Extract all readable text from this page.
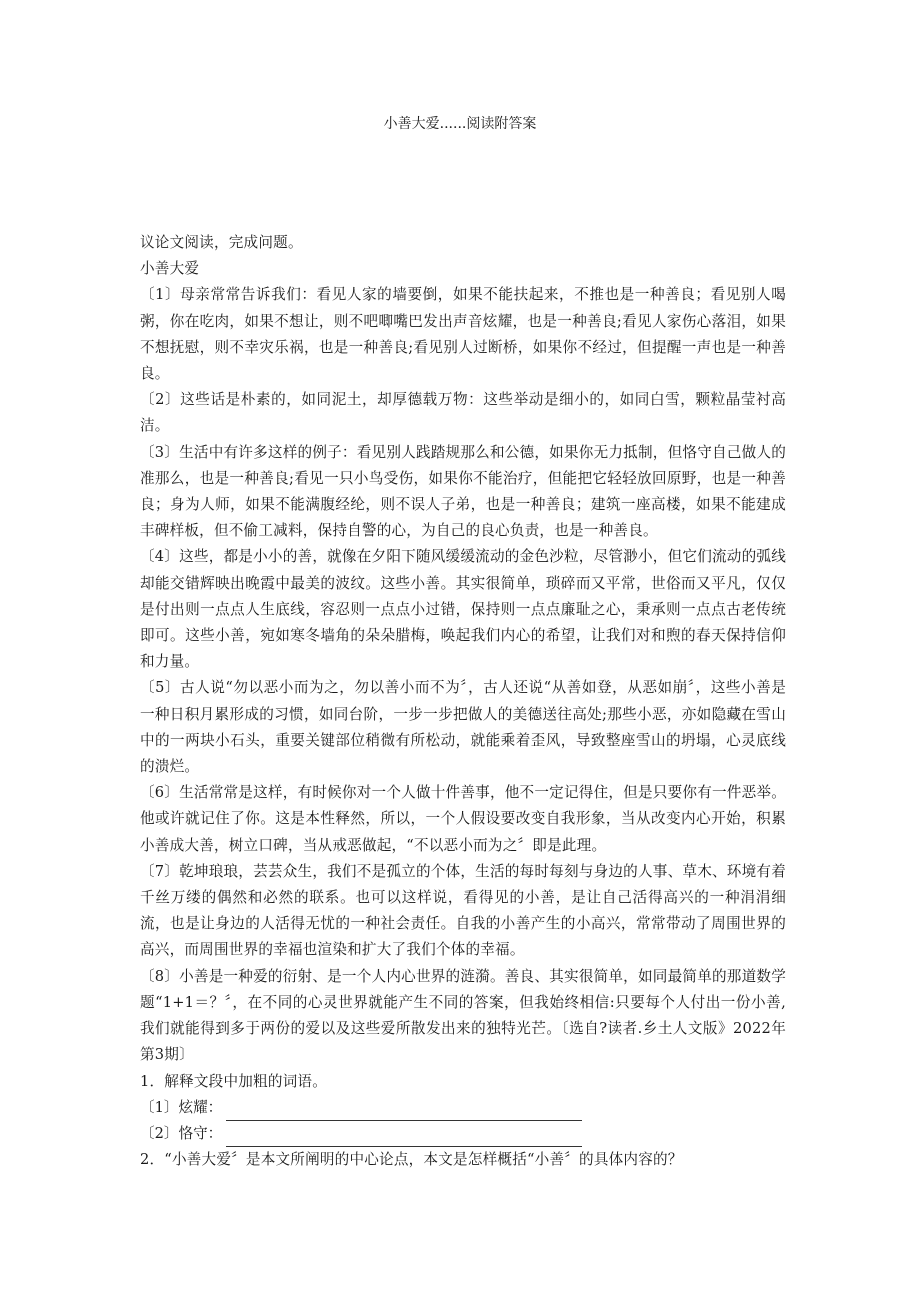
小善大爱......阅读附答案

议论文阅读，完成问题。

小善大爱

〔1〕母亲常常告诉我们：看见人家的墙要倒，如果不能扶起来，不推也是一种善良；看见别人喝粥，你在吃肉，如果不想让，则不吧唧嘴巴发出声音炫耀，也是一种善良;看见人家伤心落泪，如果不想抚慰，则不幸灾乐祸，也是一种善良;看见别人过断桥，如果你不经过，但提醒一声也是一种善良。

〔2〕这些话是朴素的，如同泥土，却厚德载万物：这些举动是细小的，如同白雪，颗粒晶莹衬高洁。

〔3〕生活中有许多这样的例子：看见别人践踏规那么和公德，如果你无力抵制，但恪守自己做人的准那么，也是一种善良;看见一只小鸟受伤，如果你不能治疗，但能把它轻轻放回原野，也是一种善良；身为人师，如果不能满腹经纶，则不误人子弟，也是一种善良；建筑一座高楼，如果不能建成丰碑样板，但不偷工减料，保持自警的心，为自己的良心负责，也是一种善良。

〔4〕这些，都是小小的善，就像在夕阳下随风缓缓流动的金色沙粒，尽管渺小，但它们流动的弧线却能交错辉映出晚霞中最美的波纹。这些小善。其实很简单，琐碎而又平常，世俗而又平凡，仅仅是付出则一点点人生底线，容忍则一点点小过错，保持则一点点廉耻之心，秉承则一点点古老传统即可。这些小善，宛如寒冬墙角的朵朵腊梅，唤起我们内心的希望，让我们对和煦的春天保持信仰和力量。

〔5〕古人说“勿以恶小而为之，勿以善小而不为〞，古人还说“从善如登，从恶如崩〞，这些小善是一种日积月累形成的习惯，如同台阶，一步一步把做人的美德送往高处;那些小恶，亦如隐藏在雪山中的一两块小石头，重要关键部位稍微有所松动，就能乘着歪风，导致整座雪山的坍塌，心灵底线的溃烂。

〔6〕生活常常是这样，有时候你对一个人做十件善事，他不一定记得住，但是只要你有一件恶举。他或许就记住了你。这是本性释然，所以，一个人假设要改变自我形象，当从改变内心开始，积累小善成大善，树立口碑，当从戒恶做起，“不以恶小而为之〞即是此理。

〔7〕乾坤琅琅，芸芸众生，我们不是孤立的个体，生活的每时每刻与身边的人事、草木、环境有着千丝万缕的偶然和必然的联系。也可以这样说，看得见的小善，是让自己活得高兴的一种涓涓细流，也是让身边的人活得无忧的一种社会责任。自我的小善产生的小高兴，常常带动了周围世界的高兴，而周围世界的幸福也渲染和扩大了我们个体的幸福。

〔8〕小善是一种爱的衍射、是一个人内心世界的涟漪。善良、其实很简单，如同最简单的那道数学题“1+1＝？〞，在不同的心灵世界就能产生不同的答案，但我始终相信:只要每个人付出一份小善,我们就能得到多于两份的爱以及这些爱所散发出来的独特光芒。〔选自?读者.乡土人文版》2022年第3期〕

1．解释文段中加粗的词语。

〔1〕炫耀：

〔2〕恪守：

2．“小善大爱〞是本文所阐明的中心论点，本文是怎样概括“小善〞的具体内容的？
